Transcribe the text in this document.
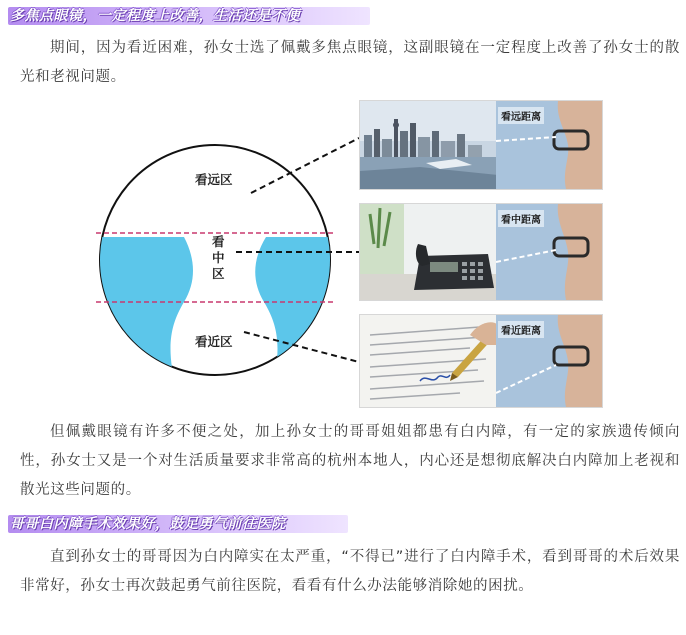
多焦点眼镜，一定程度上改善，生活还是不便

期间，因为看近困难，孙女士选了佩戴多焦点眼镜，这副眼镜在一定程度上改善了孙女士的散光和老视问题。

看远区
看
中
区
看近区
看远距离
看中距离
看近距离

但佩戴眼镜有许多不便之处，加上孙女士的哥哥姐姐都患有白内障，有一定的家族遗传倾向性，孙女士又是一个对生活质量要求非常高的杭州本地人，内心还是想彻底解决白内障加上老视和散光这些问题的。

哥哥白内障手术效果好，鼓足勇气前往医院

直到孙女士的哥哥因为白内障实在太严重，“不得已”进行了白内障手术，看到哥哥的术后效果非常好，孙女士再次鼓起勇气前往医院，看看有什么办法能够消除她的困扰。
